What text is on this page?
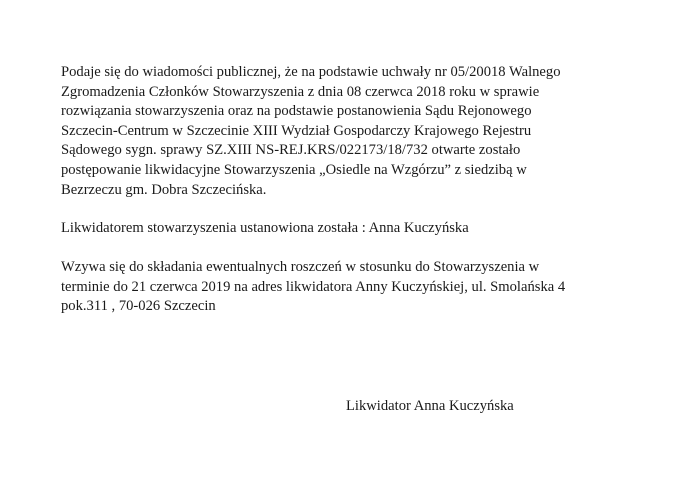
Podaje się do wiadomości publicznej, że na podstawie uchwały nr 05/20018 Walnego
Zgromadzenia Członków Stowarzyszenia z dnia 08 czerwca 2018 roku w sprawie
rozwiązania stowarzyszenia oraz na podstawie postanowienia Sądu Rejonowego
Szczecin-Centrum w Szczecinie XIII Wydział Gospodarczy Krajowego Rejestru
Sądowego sygn. sprawy SZ.XIII NS-REJ.KRS/022173/18/732 otwarte zostało
postępowanie likwidacyjne Stowarzyszenia „Osiedle na Wzgórzu” z siedzibą w
Bezrzeczu gm. Dobra Szczecińska.

Likwidatorem stowarzyszenia ustanowiona została : Anna Kuczyńska

Wzywa się do składania ewentualnych roszczeń w stosunku do Stowarzyszenia w
terminie do 21 czerwca 2019 na adres likwidatora Anny Kuczyńskiej, ul. Smolańska 4
pok.311 , 70-026 Szczecin

Likwidator Anna Kuczyńska
